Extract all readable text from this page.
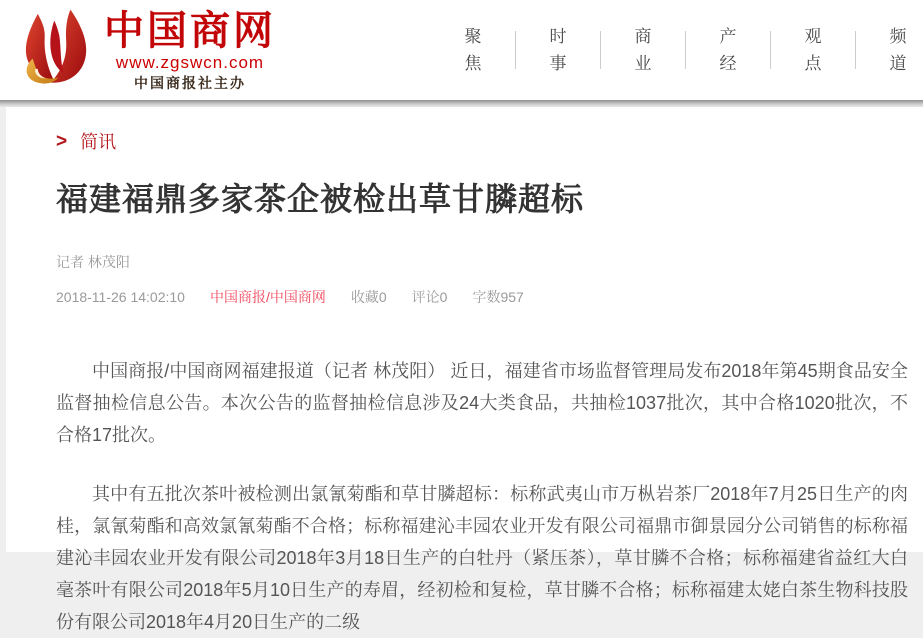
中国商网
www.zgswcn.com
中国商报社主办
聚
焦
时
事
商
业
产
经
观
点
频
道
> 简讯
福建福鼎多家茶企被检出草甘膦超标
记者 林茂阳
2018-11-26 14:02:10 中国商报/中国商网 收藏0 评论0 字数957

中国商报/中国商网福建报道（记者 林茂阳） 近日，福建省市场监督管理局发布2018年第45期食品安全监督抽检信息公告。本次公告的监督抽检信息涉及24大类食品，共抽检1037批次，其中合格1020批次，不合格17批次。

其中有五批次茶叶被检测出氯氰菊酯和草甘膦超标：标称武夷山市万枞岩茶厂2018年7月25日生产的肉桂，氯氰菊酯和高效氯氰菊酯不合格；标称福建沁丰园农业开发有限公司福鼎市御景园分公司销售的标称福建沁丰园农业开发有限公司2018年3月18日生产的白牡丹（紧压茶），草甘膦不合格；标称福建省益红大白毫茶叶有限公司2018年5月10日生产的寿眉，经初检和复检，草甘膦不合格；标称福建太姥白茶生物科技股份有限公司2018年4月20日生产的二级
